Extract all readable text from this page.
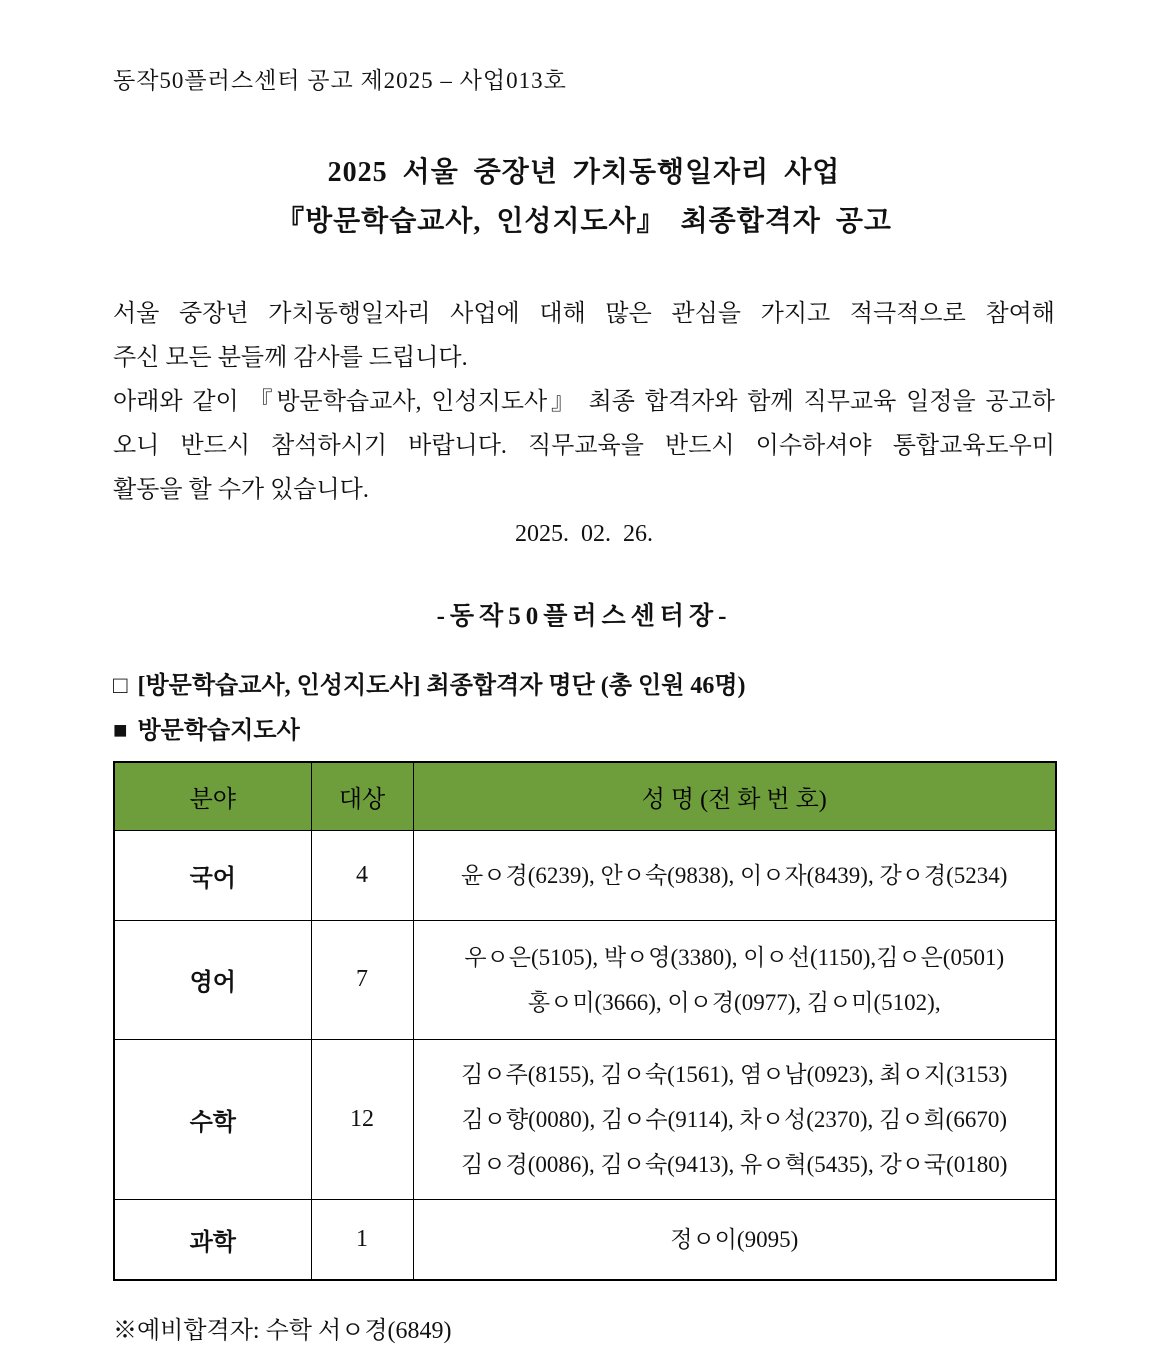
동작50플러스센터 공고 제2025 – 사업013호
2025 서울 중장년 가치동행일자리 사업
『방문학습교사, 인성지도사』 최종합격자 공고
서울 중장년 가치동행일자리 사업에 대해 많은 관심을 가지고 적극적으로 참여해
주신 모든 분들께 감사를 드립니다.
아래와 같이 『방문학습교사, 인성지도사』 최종 합격자와 함께 직무교육 일정을 공고하
오니 반드시 참석하시기 바랍니다. 직무교육을 반드시 이수하셔야 통합교육도우미
활동을 할 수가 있습니다.
2025. 02. 26.
-동작50플러스센터장-
□ [방문학습교사, 인성지도사] 최종합격자 명단 (총 인원 46명)
■ 방문학습지도사
분야	대상	성 명 (전 화 번 호)
국어	4	윤ㅇ경(6239), 안ㅇ숙(9838), 이ㅇ자(8439), 강ㅇ경(5234)

영어	7	우ㅇ은(5105), 박ㅇ영(3380), 이ㅇ선(1150),김ㅇ은(0501)
홍ㅇ미(3666), 이ㅇ경(0977), 김ㅇ미(5102),

수학	12	김ㅇ주(8155), 김ㅇ숙(1561), 염ㅇ남(0923), 최ㅇ지(3153)
김ㅇ향(0080), 김ㅇ수(9114), 차ㅇ성(2370), 김ㅇ희(6670)
김ㅇ경(0086), 김ㅇ숙(9413), 유ㅇ혁(5435), 강ㅇ국(0180)

과학	1	정ㅇ이(9095)
※예비합격자: 수학 서ㅇ경(6849)
